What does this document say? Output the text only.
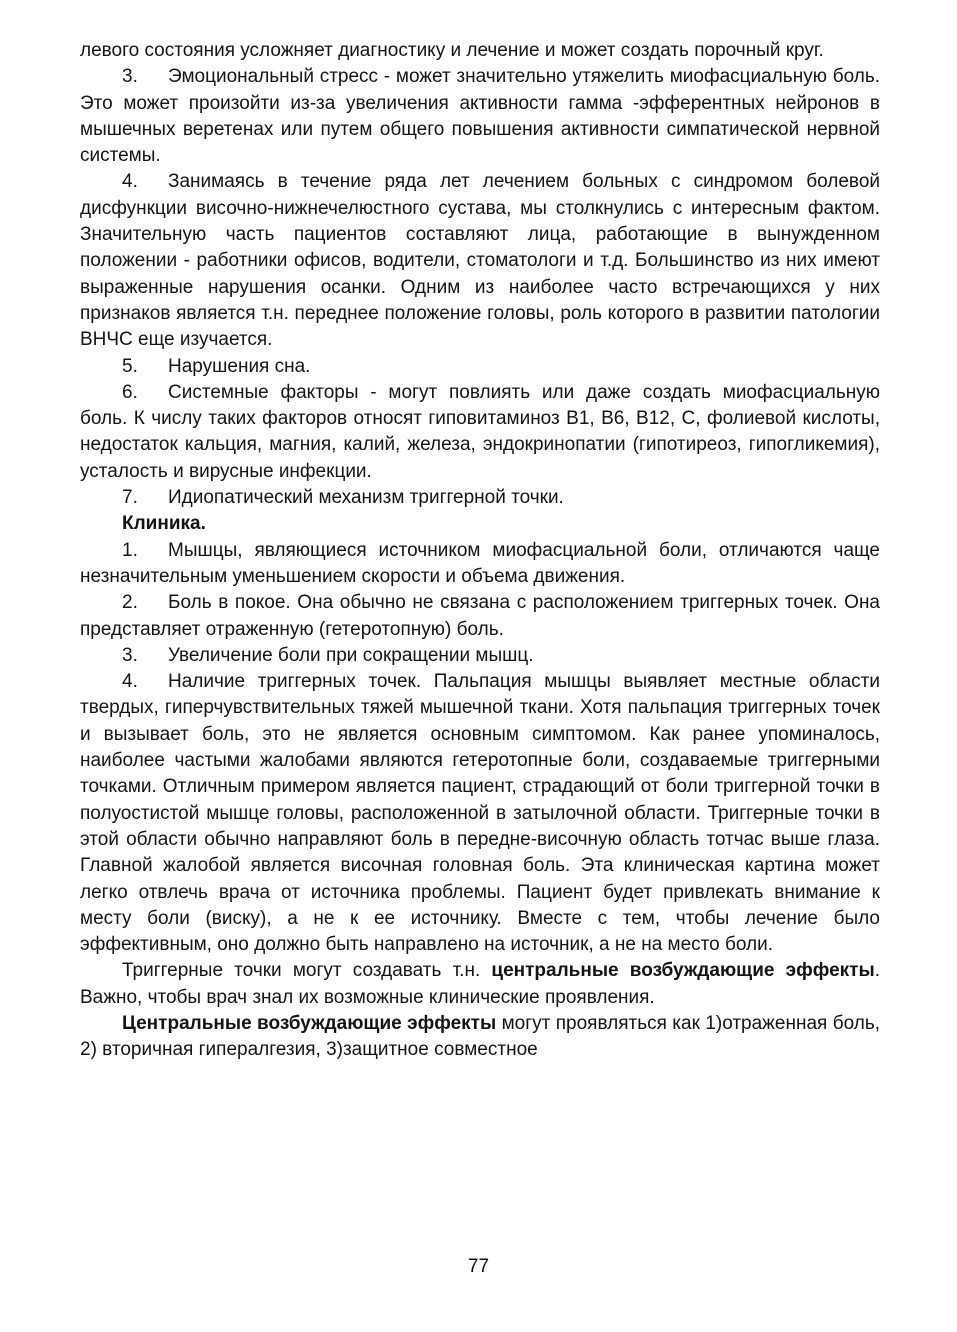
левого состояния усложняет диагностику и лечение и может создать порочный круг.

3. Эмоциональный стресс - может значительно утяжелить миофасциальную боль. Это может произойти из-за увеличения активности гамма -эфферентных нейронов в мышечных веретенах или путем общего повышения активности симпатической нервной системы.

4. Занимаясь в течение ряда лет лечением больных с синдромом болевой дисфункции височно-нижнечелюстного сустава, мы столкнулись с интересным фактом. Значительную часть пациентов составляют лица, работающие в вынужденном положении - работники офисов, водители, стоматологи и т.д. Большинство из них имеют выраженные нарушения осанки. Одним из наиболее часто встречающихся у них признаков является т.н. переднее положение головы, роль которого в развитии патологии ВНЧС еще изучается.

5. Нарушения сна.

6. Системные факторы - могут повлиять или даже создать миофасциальную боль. К числу таких факторов относят гиповитаминоз В1, В6, В12, С, фолиевой кислоты, недостаток кальция, магния, калий, железа, эндокринопатии (гипотиреоз, гипогликемия), усталость и вирусные инфекции.

7. Идиопатический механизм триггерной точки.

Клиника.

1. Мышцы, являющиеся источником миофасциальной боли, отличаются чаще незначительным уменьшением скорости и объема движения.

2. Боль в покое. Она обычно не связана с расположением триггерных точек. Она представляет отраженную (гетеротопную) боль.

3. Увеличение боли при сокращении мышц.

4. Наличие триггерных точек. Пальпация мышцы выявляет местные области твердых, гиперчувствительных тяжей мышечной ткани. Хотя пальпация триггерных точек и вызывает боль, это не является основным симптомом. Как ранее упоминалось, наиболее частыми жалобами являются гетеротопные боли, создаваемые триггерными точками. Отличным примером является пациент, страдающий от боли триггерной точки в полуостистой мышце головы, расположенной в затылочной области. Триггерные точки в этой области обычно направляют боль в передне-височную область тотчас выше глаза. Главной жалобой является височная головная боль. Эта клиническая картина может легко отвлечь врача от источника проблемы. Пациент будет привлекать внимание к месту боли (виску), а не к ее источнику. Вместе с тем, чтобы лечение было эффективным, оно должно быть направлено на источник, а не на место боли.

Триггерные точки могут создавать т.н. центральные возбуждающие эффекты. Важно, чтобы врач знал их возможные клинические проявления.

Центральные возбуждающие эффекты могут проявляться как 1)отраженная боль, 2) вторичная гипералгезия, 3)защитное совместное

77
